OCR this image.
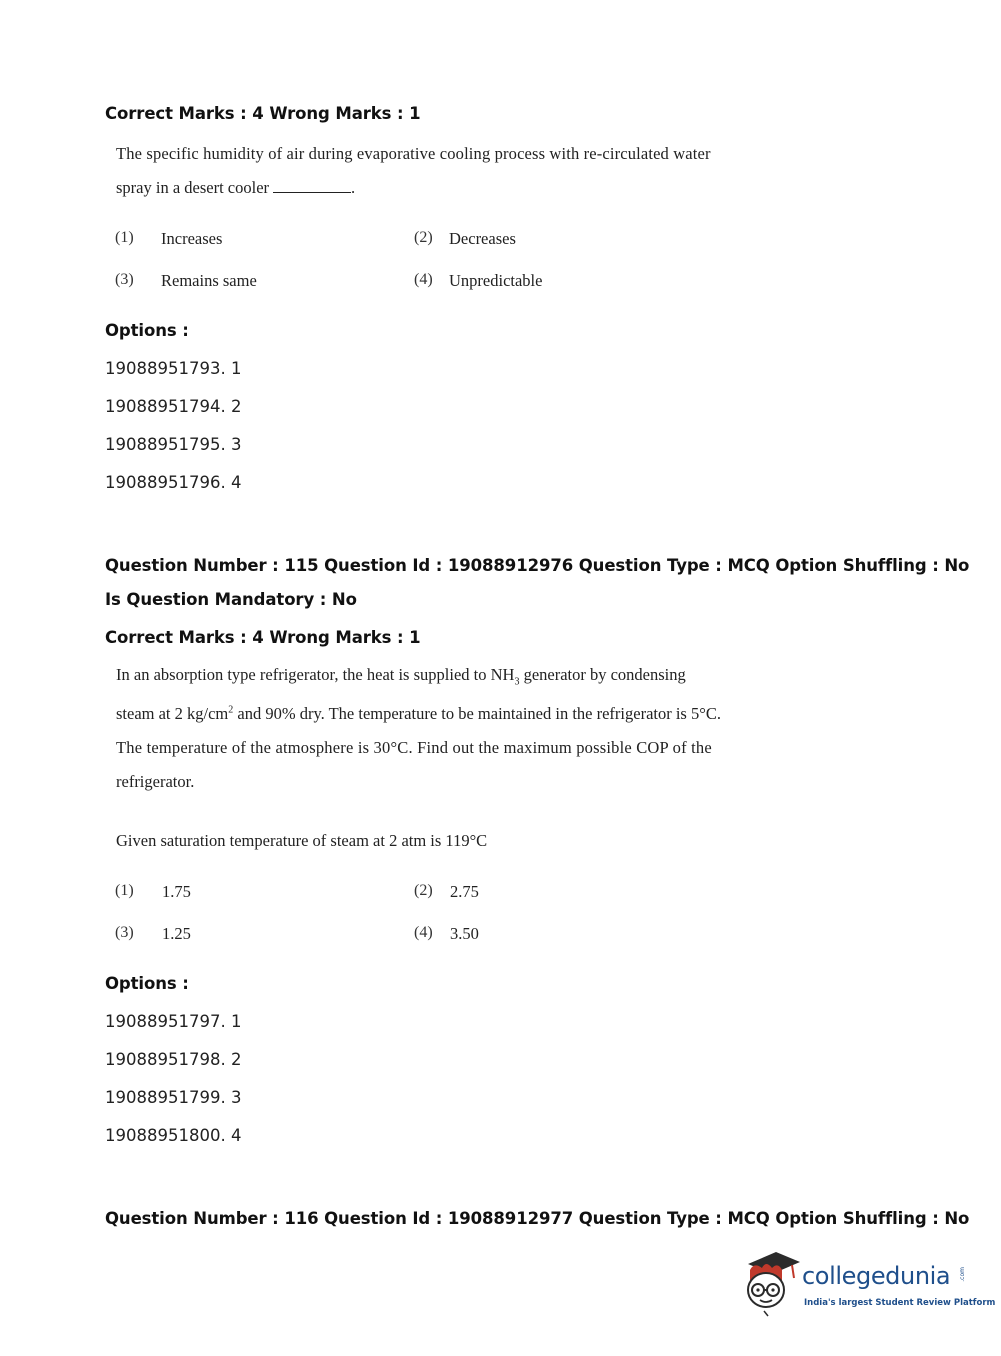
Correct Marks : 4 Wrong Marks : 1
The specific humidity of air during evaporative cooling process with re-circulated water
spray in a desert cooler	.
(1) Increases	(2) Decreases
(3) Remains same	(4) Unpredictable
Options :
19088951793. 1
19088951794. 2
19088951795. 3
19088951796. 4
Question Number : 115 Question Id : 19088912976 Question Type : MCQ Option Shuffling : No
Is Question Mandatory : No
Correct Marks : 4 Wrong Marks : 1
In an absorption type refrigerator, the heat is supplied to $NH_3$ generator by condensing
steam at 2 $kg/cm^2$ and 90% dry. The temperature to be maintained in the refrigerator is 5°C.
The temperature of the atmosphere is 30°C. Find out the maximum possible COP of the
refrigerator.
Given saturation temperature of steam at 2 atm is 119°C
(1) 1.75	(2) 2.75
(3) 1.25	(4) 3.50
Options :
19088951797. 1
19088951798. 2
19088951799. 3
19088951800. 4
Question Number : 116 Question Id : 19088912977 Question Type : MCQ Option Shuffling : No
collegedunia .com
India's largest Student Review Platform
